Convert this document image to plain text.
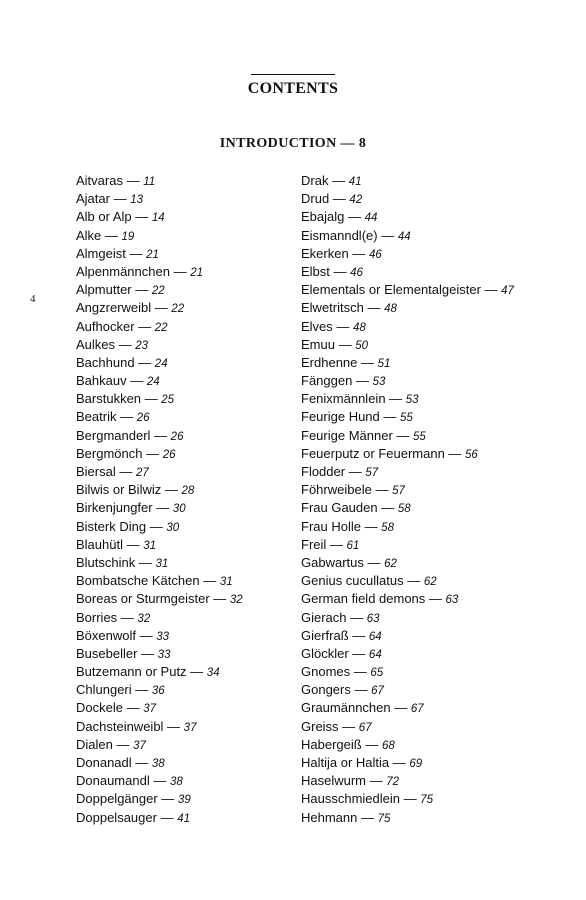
4
CONTENTS
INTRODUCTION — 8
Aitvaras — 11
Ajatar — 13
Alb or Alp — 14
Alke — 19
Almgeist — 21
Alpenmännchen — 21
Alpmutter — 22
Angzrerweibl — 22
Aufhocker — 22
Aulkes — 23
Bachhund — 24
Bahkauv — 24
Barstukken — 25
Beatrik — 26
Bergmanderl — 26
Bergmönch — 26
Biersal — 27
Bilwis or Bilwiz — 28
Birkenjungfer — 30
Bisterk Ding — 30
Blauhütl — 31
Blutschink — 31
Bombatsche Kätchen — 31
Boreas or Sturmgeister — 32
Borries — 32
Böxenwolf — 33
Busebeller — 33
Butzemann or Putz — 34
Chlungeri — 36
Dockele — 37
Dachsteinweibl — 37
Dialen — 37
Donanadl — 38
Donaumandl — 38
Doppelgänger — 39
Doppelsauger — 41
Drak — 41
Drud — 42
Ebajalg — 44
Eismanndl(e) — 44
Ekerken — 46
Elbst — 46
Elementals or Elementalgeister — 47
Elwetritsch — 48
Elves — 48
Emuu — 50
Erdhenne — 51
Fänggen — 53
Fenixmännlein — 53
Feurige Hund — 55
Feurige Männer — 55
Feuerputz or Feuermann — 56
Flodder — 57
Föhrweibele — 57
Frau Gauden — 58
Frau Holle — 58
Freil — 61
Gabwartus — 62
Genius cucullatus — 62
German field demons — 63
Gierach — 63
Gierfraß — 64
Glöckler — 64
Gnomes — 65
Gongers — 67
Graumännchen — 67
Greiss — 67
Habergeiß — 68
Haltija or Haltia — 69
Haselwurm — 72
Hausschmiedlein — 75
Hehmann — 75
